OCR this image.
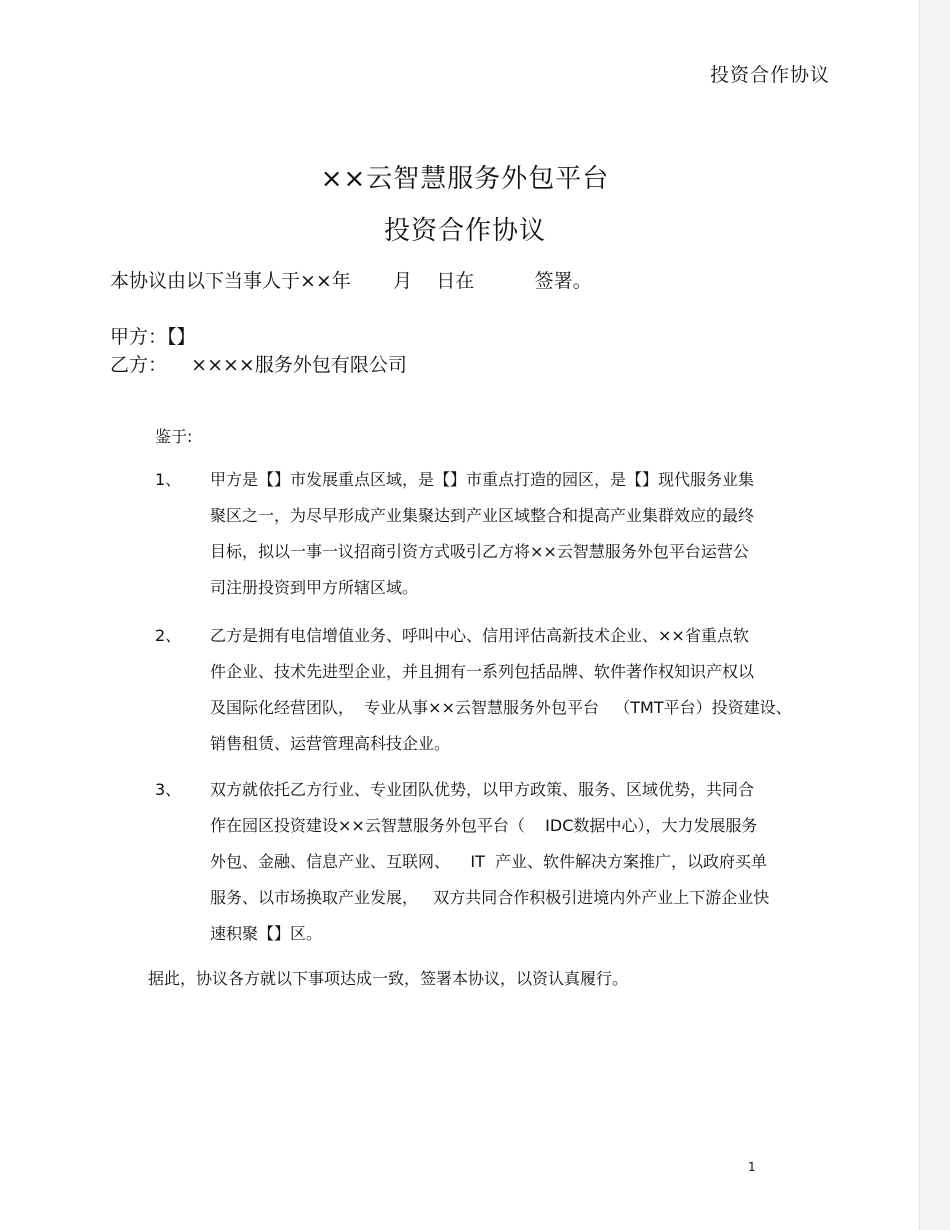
投资合作协议
××云智慧服务外包平台
投资合作协议
本协议由以下当事人于××年       月    日在          签署。
甲方：【】
乙方：    ××××服务外包有限公司
鉴于:
1、 甲方是【】市发展重点区域，是【】市重点打造的园区，是【】现代服务业集

聚区之一，为尽早形成产业集聚达到产业区域整合和提高产业集群效应的最终

目标，拟以一事一议招商引资方式吸引乙方将××云智慧服务外包平台运营公

司注册投资到甲方所辖区域。

2、 乙方是拥有电信增值业务、呼叫中心、信用评估高新技术企业、××省重点软

件企业、技术先进型企业，并且拥有一系列包括品牌、软件著作权知识产权以

及国际化经营团队，  专业从事××云智慧服务外包平台   （TMT平台）投资建设、

销售租赁、运营管理高科技企业。

3、 双方就依托乙方行业、专业团队优势，以甲方政策、服务、区域优势，共同合

作在园区投资建设××云智慧服务外包平台（    IDC数据中心），大力发展服务

外包、金融、信息产业、互联网、    IT  产业、软件解决方案推广，以政府买单

服务、以市场换取产业发展，   双方共同合作积极引进境内外产业上下游企业快

速积聚【】区。

据此，协议各方就以下事项达成一致，签署本协议，以资认真履行。
1
